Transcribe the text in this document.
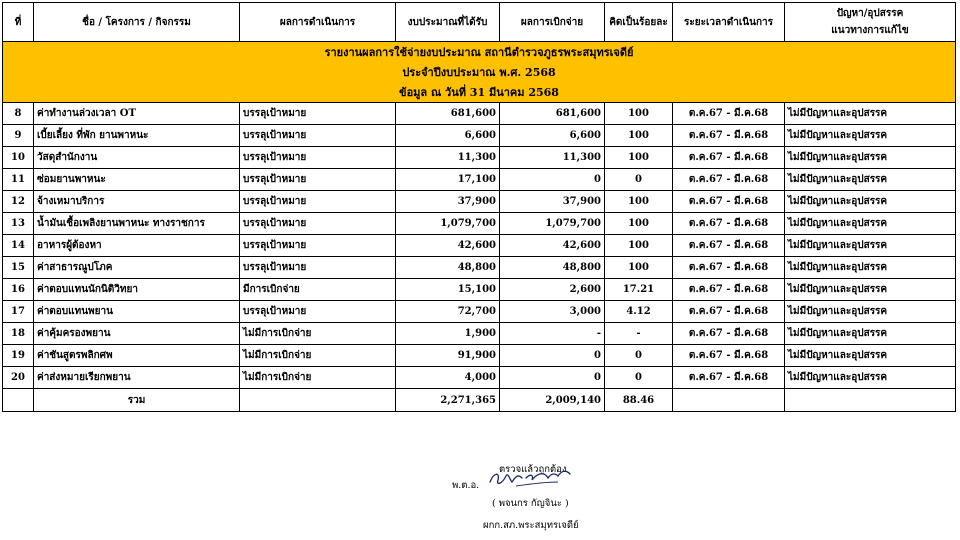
รายงานผลการใช้จ่ายงบประมาณ สถานีตำรวจภูธรพระสมุทรเจดีย์							
ประจำปีงบประมาณ พ.ศ. 2568							
ข้อมูล ณ วันที่ 31 มีนาคม 2568							
ที่	ชื่อ / โครงการ / กิจกรรม	ผลการดำเนินการ	งบประมาณที่ได้รับ	ผลการเบิกจ่าย	คิดเป็นร้อยละ	ระยะเวลาดำเนินการ	ปัญหา/อุปสรรค
แนวทางการแก้ไข

8	ค่าทำงานล่วงเวลา OT	บรรลุเป้าหมาย	681,600	681,600	100	ต.ค.67 - มี.ค.68	ไม่มีปัญหาและอุปสรรค
9	เบี้ยเลี้ยง ที่พัก ยานพาหนะ	บรรลุเป้าหมาย	6,600	6,600	100	ต.ค.67 - มี.ค.68	ไม่มีปัญหาและอุปสรรค
10	วัสดุสำนักงาน	บรรลุเป้าหมาย	11,300	11,300	100	ต.ค.67 - มี.ค.68	ไม่มีปัญหาและอุปสรรค
11	ซ่อมยานพาหนะ	บรรลุเป้าหมาย	17,100	0	0	ต.ค.67 - มี.ค.68	ไม่มีปัญหาและอุปสรรค
12	จ้างเหมาบริการ	บรรลุเป้าหมาย	37,900	37,900	100	ต.ค.67 - มี.ค.68	ไม่มีปัญหาและอุปสรรค
13	น้ำมันเชื้อเพลิงยานพาหนะ ทางราชการ	บรรลุเป้าหมาย	1,079,700	1,079,700	100	ต.ค.67 - มี.ค.68	ไม่มีปัญหาและอุปสรรค
14	อาหารผู้ต้องหา	บรรลุเป้าหมาย	42,600	42,600	100	ต.ค.67 - มี.ค.68	ไม่มีปัญหาและอุปสรรค
15	ค่าสาธารณูปโภค	บรรลุเป้าหมาย	48,800	48,800	100	ต.ค.67 - มี.ค.68	ไม่มีปัญหาและอุปสรรค
16	ค่าตอบแทนนักนิติวิทยา	มีการเบิกจ่าย	15,100	2,600	17.21	ต.ค.67 - มี.ค.68	ไม่มีปัญหาและอุปสรรค
17	ค่าตอบแทนพยาน	บรรลุเป้าหมาย	72,700	3,000	4.12	ต.ค.67 - มี.ค.68	ไม่มีปัญหาและอุปสรรค
18	ค่าคุ้มครองพยาน	ไม่มีการเบิกจ่าย	1,900	-	-	ต.ค.67 - มี.ค.68	ไม่มีปัญหาและอุปสรรค
19	ค่าชันสูตรพลิกศพ	ไม่มีการเบิกจ่าย	91,900	0	0	ต.ค.67 - มี.ค.68	ไม่มีปัญหาและอุปสรรค
20	ค่าส่งหมายเรียกพยาน	ไม่มีการเบิกจ่าย	4,000	0	0	ต.ค.67 - มี.ค.68	ไม่มีปัญหาและอุปสรรค
	รวม		2,271,365	2,009,140	88.46		
ตรวจแล้วถูกต้อง
พ.ต.อ.
( พจนกร กัญจินะ )
ผกก.สภ.พระสมุทรเจดีย์
